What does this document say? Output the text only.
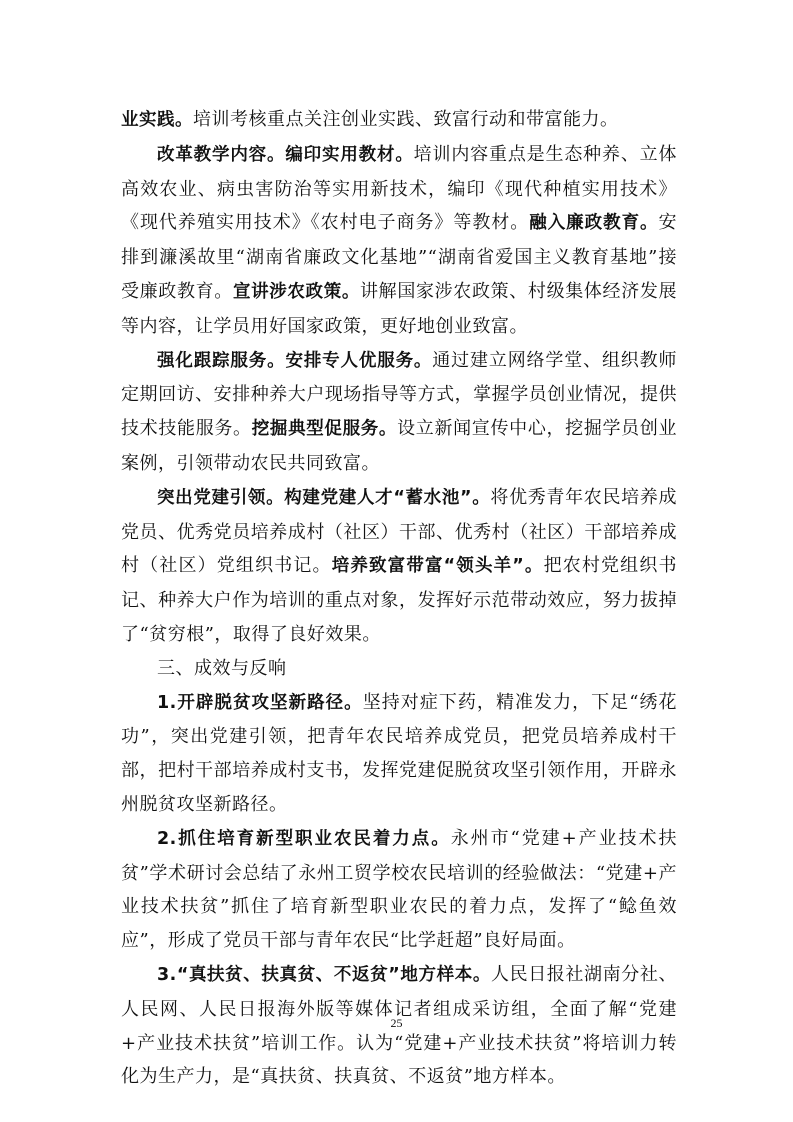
业实践。培训考核重点关注创业实践、致富行动和带富能力。

改革教学内容。编印实用教材。培训内容重点是生态种养、立体高效农业、病虫害防治等实用新技术，编印《现代种植实用技术》《现代养殖实用技术》《农村电子商务》等教材。融入廉政教育。安排到濂溪故里“湖南省廉政文化基地”“湖南省爱国主义教育基地”接受廉政教育。宣讲涉农政策。讲解国家涉农政策、村级集体经济发展等内容，让学员用好国家政策，更好地创业致富。

强化跟踪服务。安排专人优服务。通过建立网络学堂、组织教师定期回访、安排种养大户现场指导等方式，掌握学员创业情况，提供技术技能服务。挖掘典型促服务。设立新闻宣传中心，挖掘学员创业案例，引领带动农民共同致富。

突出党建引领。构建党建人才“蓄水池”。将优秀青年农民培养成党员、优秀党员培养成村（社区）干部、优秀村（社区）干部培养成村（社区）党组织书记。培养致富带富“领头羊”。把农村党组织书记、种养大户作为培训的重点对象，发挥好示范带动效应，努力拔掉了“贫穷根”，取得了良好效果。

三、成效与反响

1.开辟脱贫攻坚新路径。坚持对症下药，精准发力，下足“绣花功”，突出党建引领，把青年农民培养成党员，把党员培养成村干部，把村干部培养成村支书，发挥党建促脱贫攻坚引领作用，开辟永州脱贫攻坚新路径。

2.抓住培育新型职业农民着力点。永州市“党建+产业技术扶贫”学术研讨会总结了永州工贸学校农民培训的经验做法：“党建+产业技术扶贫”抓住了培育新型职业农民的着力点，发挥了“鲶鱼效应”，形成了党员干部与青年农民“比学赶超”良好局面。

3.“真扶贫、扶真贫、不返贫”地方样本。人民日报社湖南分社、人民网、人民日报海外版等媒体记者组成采访组，全面了解“党建+产业技术扶贫”培训工作。认为“党建+产业技术扶贫”将培训力转化为生产力，是“真扶贫、扶真贫、不返贫”地方样本。

25
